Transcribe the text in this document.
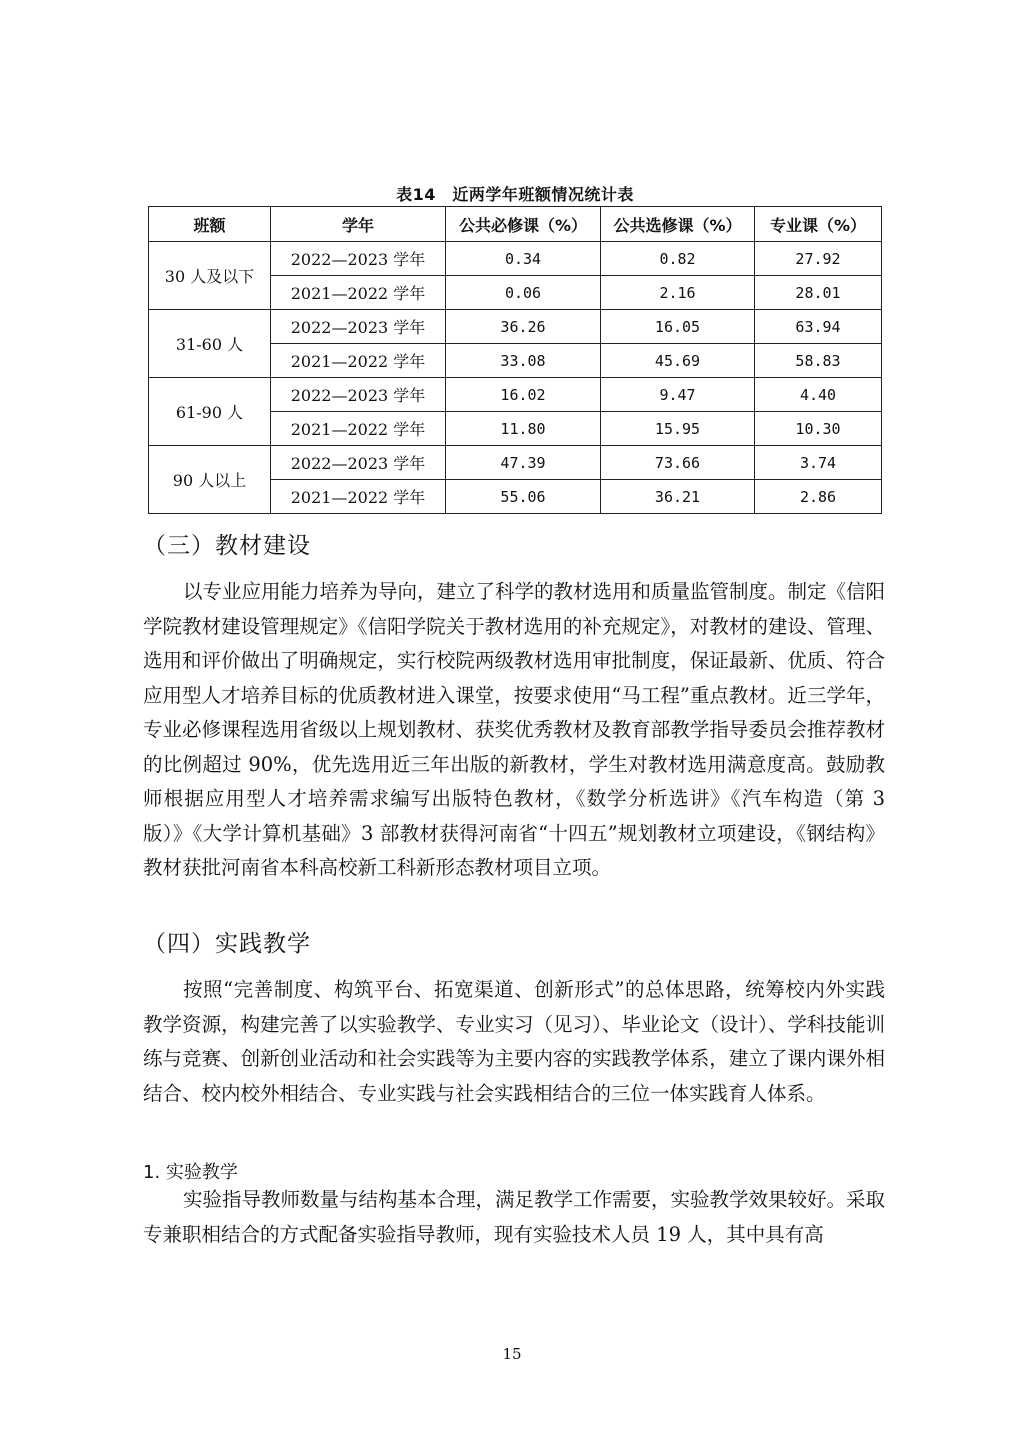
表14　近两学年班额情况统计表
班额	学年	公共必修课（%）	公共选修课（%）	专业课（%）
30 人及以下	2022—2023 学年	0.34	0.82	27.92
	2021—2022 学年	0.06	2.16	28.01
31-60 人	2022—2023 学年	36.26	16.05	63.94
	2021—2022 学年	33.08	45.69	58.83
61-90 人	2022—2023 学年	16.02	9.47	4.40
	2021—2022 学年	11.80	15.95	10.30
90 人以上	2022—2023 学年	47.39	73.66	3.74
	2021—2022 学年	55.06	36.21	2.86
（三）教材建设

以专业应用能力培养为导向，建立了科学的教材选用和质量监管制度。制定《信阳学院教材建设管理规定》《信阳学院关于教材选用的补充规定》，对教材的建设、管理、选用和评价做出了明确规定，实行校院两级教材选用审批制度，保证最新、优质、符合应用型人才培养目标的优质教材进入课堂，按要求使用“马工程”重点教材。近三学年，专业必修课程选用省级以上规划教材、获奖优秀教材及教育部教学指导委员会推荐教材的比例超过 90%，优先选用近三年出版的新教材，学生对教材选用满意度高。鼓励教师根据应用型人才培养需求编写出版特色教材，《数学分析选讲》《汽车构造（第 3 版）》《大学计算机基础》3 部教材获得河南省“十四五”规划教材立项建设，《钢结构》教材获批河南省本科高校新工科新形态教材项目立项。

（四）实践教学

按照“完善制度、构筑平台、拓宽渠道、创新形式”的总体思路，统筹校内外实践教学资源，构建完善了以实验教学、专业实习（见习）、毕业论文（设计）、学科技能训练与竞赛、创新创业活动和社会实践等为主要内容的实践教学体系，建立了课内课外相结合、校内校外相结合、专业实践与社会实践相结合的三位一体实践育人体系。

1. 实验教学

实验指导教师数量与结构基本合理，满足教学工作需要，实验教学效果较好。采取专兼职相结合的方式配备实验指导教师，现有实验技术人员 19 人，其中具有高

15
